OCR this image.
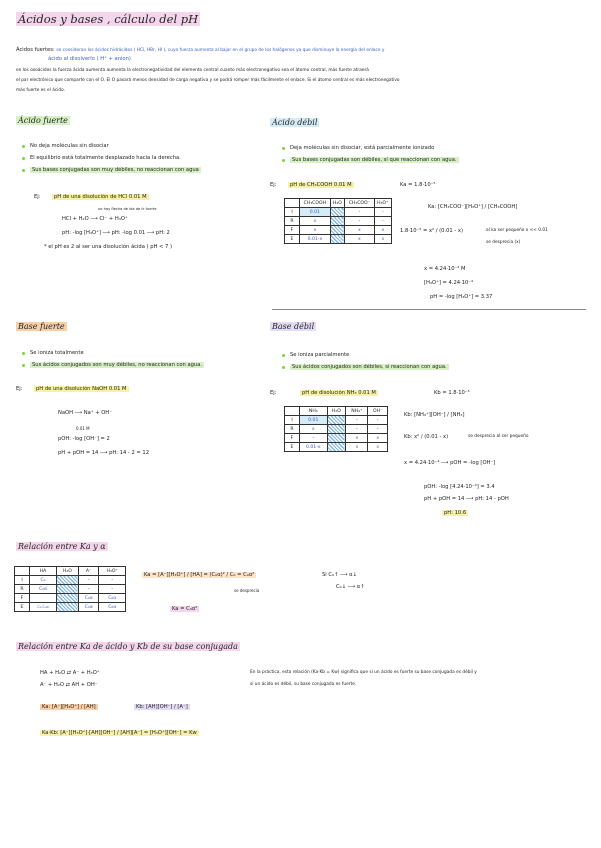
Ácidos y bases , cálculo del pH
Ácidos fuertes: se consideran los ácidos hidrácidos ( HCl, HBr, HI ), cuya fuerza aumenta al bajar en el grupo de los halógenos ya que disminuye la energía del enlace y
ácido al disolverlo ( H⁺ + anion)
en los oxoácidos la fuerza ácida aumenta aumenta la electronegatividad del elemento central cuanto más electronegativo sea el átomo central, más fuerte atraerá
el par electrónico que comparte con el O. El O pasará menos densidad de carga negativa y se podrá romper más fácilmente el enlace. Si el átomo central es más electronegativo
más fuerte es el ácido.
Ácido fuerte
No deja moléculas sin disociar
El equilibrio está totalmente desplazado hacia la derecha.
Sus bases conjugadas son muy débiles, no reaccionan con agua
Ej:	pH de una disolución de HCl 0.01 M
no hay flecha de ida de fc fuerte
HCl + H₂O ⟶ Cl⁻ + H₃O⁺
pH: -log [H₃O⁺] ⟶ pH: -log 0.01 ⟶ pH: 2
* el pH es 2 al ser una disolución ácida ( pH < 7 )
Ácido débil
Deja moléculas sin disociar, está parcialmente ionizado
Sus bases conjugadas son débiles, sí que reaccionan con agua.
Ej:	pH de CH₃COOH 0.01 M	Ka = 1.8·10⁻⁵
	CH₃COOH	H₂O	CH₃COO⁻	H₃O⁺
I	0.01		-	-
R	x		-	-
F	x		x	x
E	0.01-x		x	x
Ka: [CH₃COO⁻][H₃O⁺] / [CH₃COOH]
1.8·10⁻⁵ = x² / (0.01 - x)	al ka ser pequeño x << 0.01
se desprecia (x)
x = 4.24·10⁻⁴ M
[H₃O⁺] = 4.24·10⁻⁴
pH = -log [H₃O⁺] = 3.37
Base fuerte
Se ioniza totalmente
Sus ácidos conjugados son muy débiles, no reaccionan con agua.
Ej:	pH de una disolución NaOH 0.01 M
NaOH ⟶ Na⁺ + OH⁻
0.01 M
pOH: -log [OH⁻] = 2
pH + pOH = 14 ⟶ pH: 14 - 2 = 12
Base débil
Se ioniza parcialmente
Sus ácidos conjugados son débiles, sí reaccionan con agua.
Ej:	pH de disolución NH₃ 0.01 M	Kb = 1.8·10⁻⁵
	NH₃	H₂O	NH₄⁺	OH⁻
I	0.01		-	-
R	x		-	-
F	-		x	x
E	0.01-x		x	x
Kb: [NH₄⁺][OH⁻] / [NH₃]
Kb: x² / (0.01 - x)	se desprecia al ser pequeño
x = 4.24·10⁻⁴ ⟶ pOH = -log [OH⁻]
pOH: -log [4.24·10⁻⁴] = 3.4
pH + pOH = 14 ⟶ pH: 14 - pOH
pH: 10.6
Relación entre Ka y α
	HA	H₂O	A⁻	H₃O⁺
I	C₀		-	-
R	C₀α		-	-
F			C₀α	C₀α
E	C₀-C₀α		C₀α	C₀α
Ka = [A⁻][H₃O⁺] / [HA] = (C₀α)² / C₀ = C₀α²
se desprecia
Ka = C₀α²
Si C₀↑ ⟶ α↓
C₀↓ ⟶ α↑
Relación entre Ka de ácido y Kb de su base conjugada
HA + H₂O ⇄ A⁻ + H₃O⁺
A⁻ + H₂O ⇄ AH + OH⁻
Ka: [A⁻][H₃O⁺] / [AH]	Kb: [AH][OH⁻] / [A⁻]
Ka·Kb: [A⁻][H₃O⁺]·[AH][OH⁻] / [AH][A⁻] = [H₃O⁺][OH⁻] = Kw
En la práctica, esta relación (Ka·Kb = Kw) significa que si un ácido es fuerte su base conjugada es débil y
si un ácido es débil, su base conjugada es fuerte.
